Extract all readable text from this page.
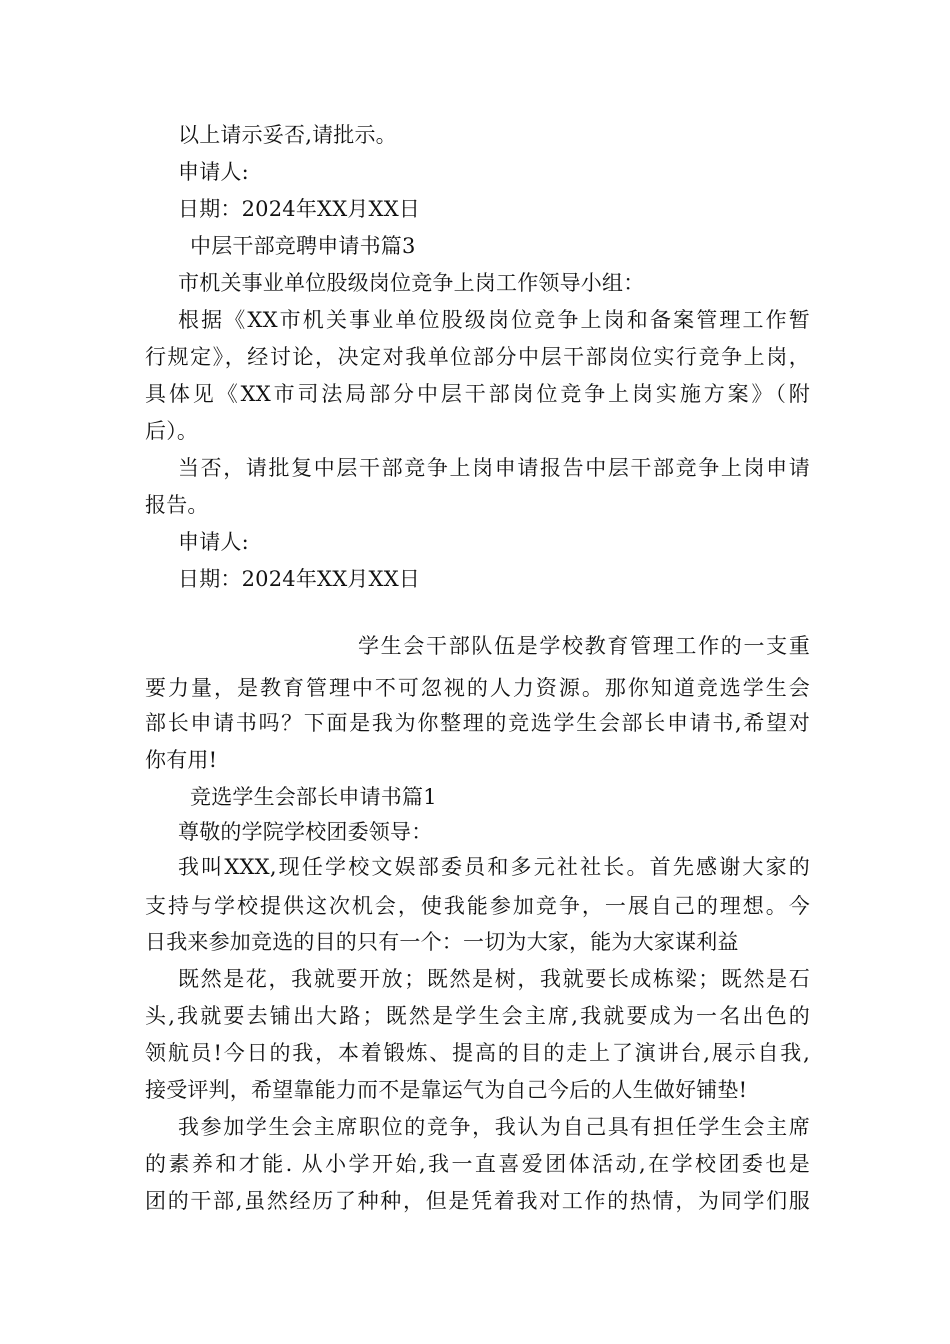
以上请示妥否,请批示。
申请人:
日期：2024年XX月XX日
中层干部竞聘申请书篇3
市机关事业单位股级岗位竞争上岗工作领导小组：
根据《XX市机关事业单位股级岗位竞争上岗和备案管理工作暂
行规定》，经讨论，决定对我单位部分中层干部岗位实行竞争上岗，
具体见《XX市司法局部分中层干部岗位竞争上岗实施方案》（附
后）。
当否，请批复中层干部竞争上岗申请报告中层干部竞争上岗申请
报告。
申请人:
日期：2024年XX月XX日
学生会干部队伍是学校教育管理工作的一支重
要力量，是教育管理中不可忽视的人力资源。那你知道竞选学生会
部长申请书吗？下面是我为你整理的竞选学生会部长申请书,希望对
你有用!
竞选学生会部长申请书篇1
尊敬的学院学校团委领导：
我叫XXX,现任学校文娱部委员和多元社社长。首先感谢大家的
支持与学校提供这次机会，使我能参加竞争，一展自己的理想。今
日我来参加竞选的目的只有一个：一切为大家，能为大家谋利益
既然是花，我就要开放；既然是树，我就要长成栋梁；既然是石
头,我就要去铺出大路；既然是学生会主席,我就要成为一名出色的
领航员!今日的我，本着锻炼、提高的目的走上了演讲台,展示自我,
接受评判，希望靠能力而不是靠运气为自己今后的人生做好铺垫!
我参加学生会主席职位的竞争，我认为自己具有担任学生会主席
的素养和才能. 从小学开始,我一直喜爱团体活动,在学校团委也是
团的干部,虽然经历了种种，但是凭着我对工作的热情，为同学们服
